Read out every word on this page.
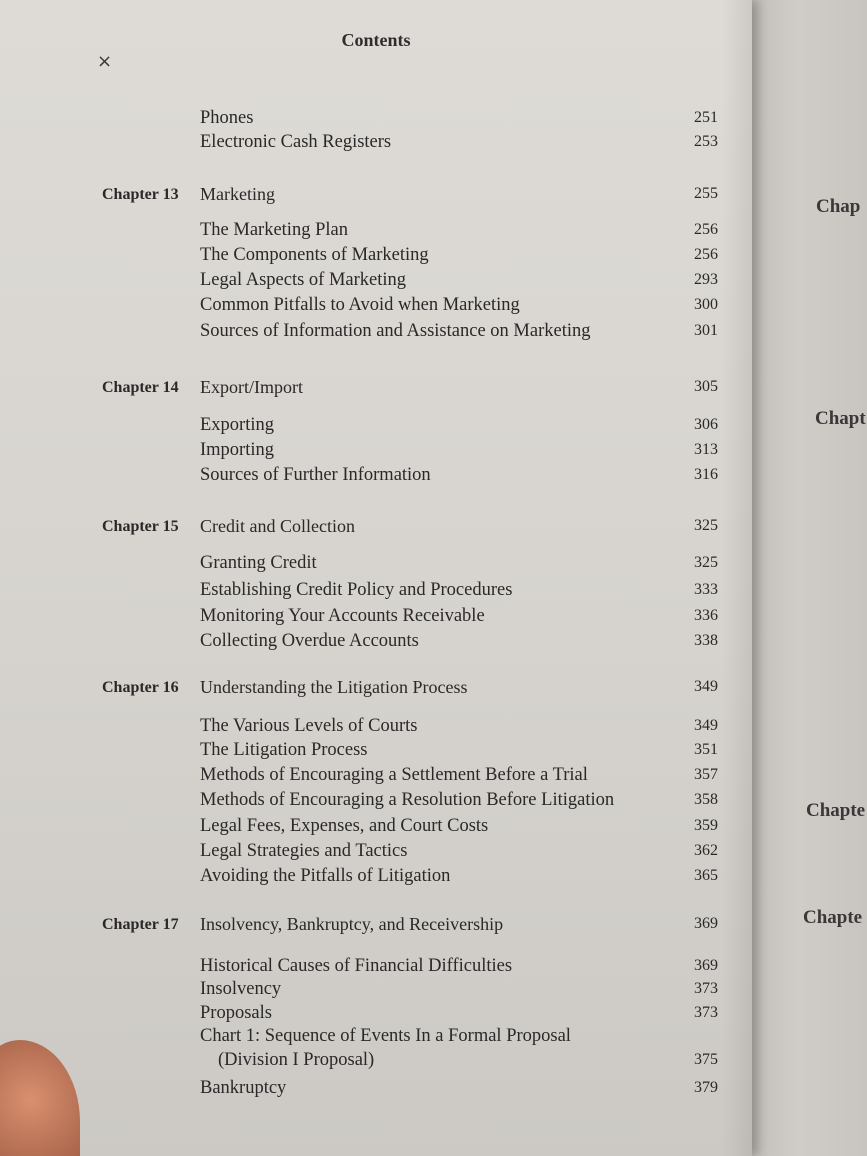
Chap
Chapt
Chapte
Chapte
Contents
×
Phones	251
Electronic Cash Registers	253
Chapter 13 Marketing	255
The Marketing Plan	256
The Components of Marketing	256
Legal Aspects of Marketing	293
Common Pitfalls to Avoid when Marketing	300
Sources of Information and Assistance on Marketing	301
Chapter 14 Export/Import	305
Exporting	306
Importing	313
Sources of Further Information	316
Chapter 15 Credit and Collection	325
Granting Credit	325
Establishing Credit Policy and Procedures	333
Monitoring Your Accounts Receivable	336
Collecting Overdue Accounts	338
Chapter 16 Understanding the Litigation Process	349
The Various Levels of Courts	349
The Litigation Process	351
Methods of Encouraging a Settlement Before a Trial	357
Methods of Encouraging a Resolution Before Litigation	358
Legal Fees, Expenses, and Court Costs	359
Legal Strategies and Tactics	362
Avoiding the Pitfalls of Litigation	365
Chapter 17 Insolvency, Bankruptcy, and Receivership	369
Historical Causes of Financial Difficulties	369
Insolvency	373
Proposals	373
Chart 1: Sequence of Events In a Formal Proposal
(Division I Proposal)	375
Bankruptcy	379
